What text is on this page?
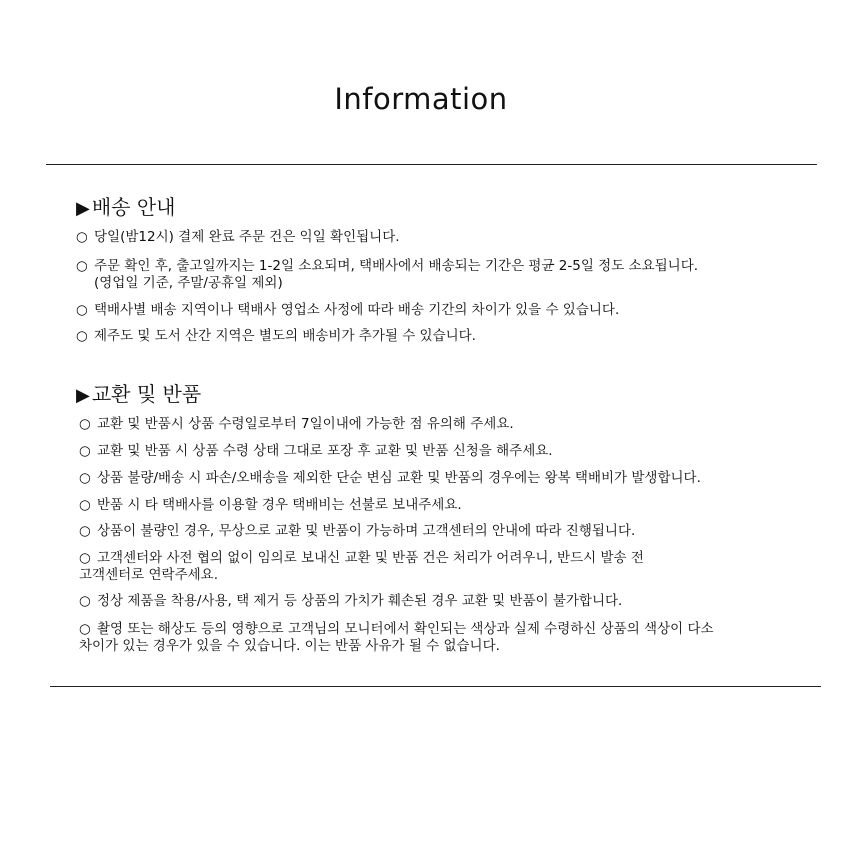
Information
▶ 배송 안내
○ 당일(밤12시) 결제 완료 주문 건은 익일 확인됩니다.
○ 주문 확인 후, 출고일까지는 1-2일 소요되며, 택배사에서 배송되는 기간은 평균 2-5일 정도 소요됩니다.
(영업일 기준, 주말/공휴일 제외)
○ 택배사별 배송 지역이나 택배사 영업소 사정에 따라 배송 기간의 차이가 있을 수 있습니다.
○ 제주도 및 도서 산간 지역은 별도의 배송비가 추가될 수 있습니다.
▶ 교환 및 반품
○ 교환 및 반품시 상품 수령일로부터 7일이내에 가능한 점 유의해 주세요.
○ 교환 및 반품 시 상품 수령 상태 그대로 포장 후 교환 및 반품 신청을 해주세요.
○ 상품 불량/배송 시 파손/오배송을 제외한 단순 변심 교환 및 반품의 경우에는 왕복 택배비가 발생합니다.
○ 반품 시 타 택배사를 이용할 경우 택배비는 선불로 보내주세요.
○ 상품이 불량인 경우, 무상으로 교환 및 반품이 가능하며 고객센터의 안내에 따라 진행됩니다.
○ 고객센터와 사전 협의 없이 임의로 보내신 교환 및 반품 건은 처리가 어려우니, 반드시 발송 전
고객센터로 연락주세요.
○ 정상 제품을 착용/사용, 택 제거 등 상품의 가치가 훼손된 경우 교환 및 반품이 불가합니다.
○ 촬영 또는 해상도 등의 영향으로 고객님의 모니터에서 확인되는 색상과 실제 수령하신 상품의 색상이 다소
차이가 있는 경우가 있을 수 있습니다. 이는 반품 사유가 될 수 없습니다.
